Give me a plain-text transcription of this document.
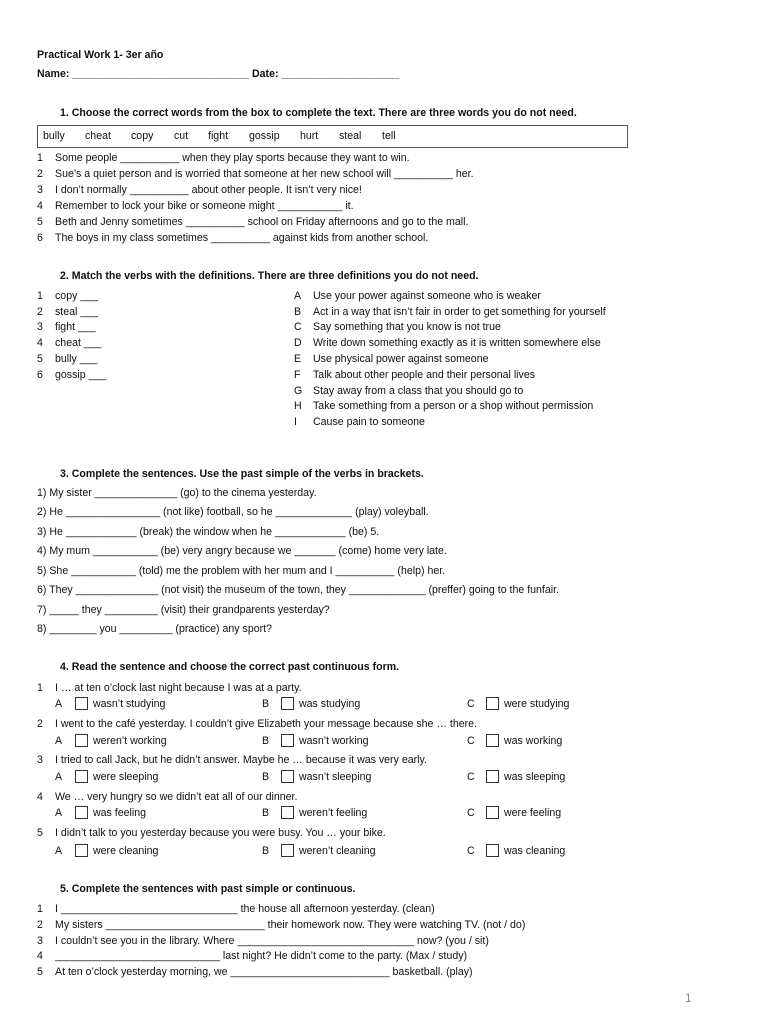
Practical Work 1- 3er año
Name: ______________________________ Date: ____________________
1. Choose the correct words from the box to complete the text. There are three words you do not need.
bully cheat copy cut fight gossip hurt steal tell
1 Some people __________ when they play sports because they want to win.
2 Sue’s a quiet person and is worried that someone at her new school will __________ her.
3 I don’t normally __________ about other people. It isn’t very nice!
4 Remember to lock your bike or someone might ___________ it.
5 Beth and Jenny sometimes __________ school on Friday afternoons and go to the mall.
6 The boys in my class sometimes __________ against kids from another school.
2. Match the verbs with the definitions. There are three definitions you do not need.
1 copy ___
2 steal ___
3 fight ___
4 cheat ___
5 bully ___
6 gossip ___
A Use your power against someone who is weaker
B Act in a way that isn’t fair in order to get something for yourself
C Say something that you know is not true
D Write down something exactly as it is written somewhere else
E Use physical power against someone
F Talk about other people and their personal lives
G Stay away from a class that you should go to
H Take something from a person or a shop without permission
I Cause pain to someone
3. Complete the sentences. Use the past simple of the verbs in brackets.
1) My sister ______________ (go) to the cinema yesterday.
2) He ________________ (not like) football, so he _____________ (play) voleyball.
3) He ____________ (break) the window when he ____________ (be) 5.
4) My mum ___________ (be) very angry because we _______ (come) home very late.
5) She ___________ (told) me the problem with her mum and I __________ (help) her.
6) They ______________ (not visit) the museum of the town, they _____________ (preffer) going to the funfair.
7) _____ they _________ (visit) their grandparents yesterday?
8) ________ you _________ (practice) any sport?
4. Read the sentence and choose the correct past continuous form.
1 I … at ten o’clock last night because I was at a party.
A	wasn’t studying	B	was studying	C	were studying
2 I went to the café yesterday. I couldn’t give Elizabeth your message because she … there.
A	weren’t working	B	wasn’t working	C	was working
3 I tried to call Jack, but he didn’t answer. Maybe he … because it was very early.
A	were sleeping	B	wasn’t sleeping	C	was sleeping
4 We … very hungry so we didn’t eat all of our dinner.
A	was feeling	B	weren’t feeling	C	were feeling
5 I didn’t talk to you yesterday because you were busy. You … your bike.
A	were cleaning	B	weren’t cleaning	C	was cleaning
5. Complete the sentences with past simple or continuous.
1 I ______________________________ the house all afternoon yesterday. (clean)
2 My sisters ___________________________ their homework now. They were watching TV. (not / do)
3 I couldn’t see you in the library. Where ______________________________ now? (you / sit)
4 ____________________________ last night? He didn’t come to the party. (Max / study)
5 At ten o’clock yesterday morning, we ___________________________ basketball. (play)
1
